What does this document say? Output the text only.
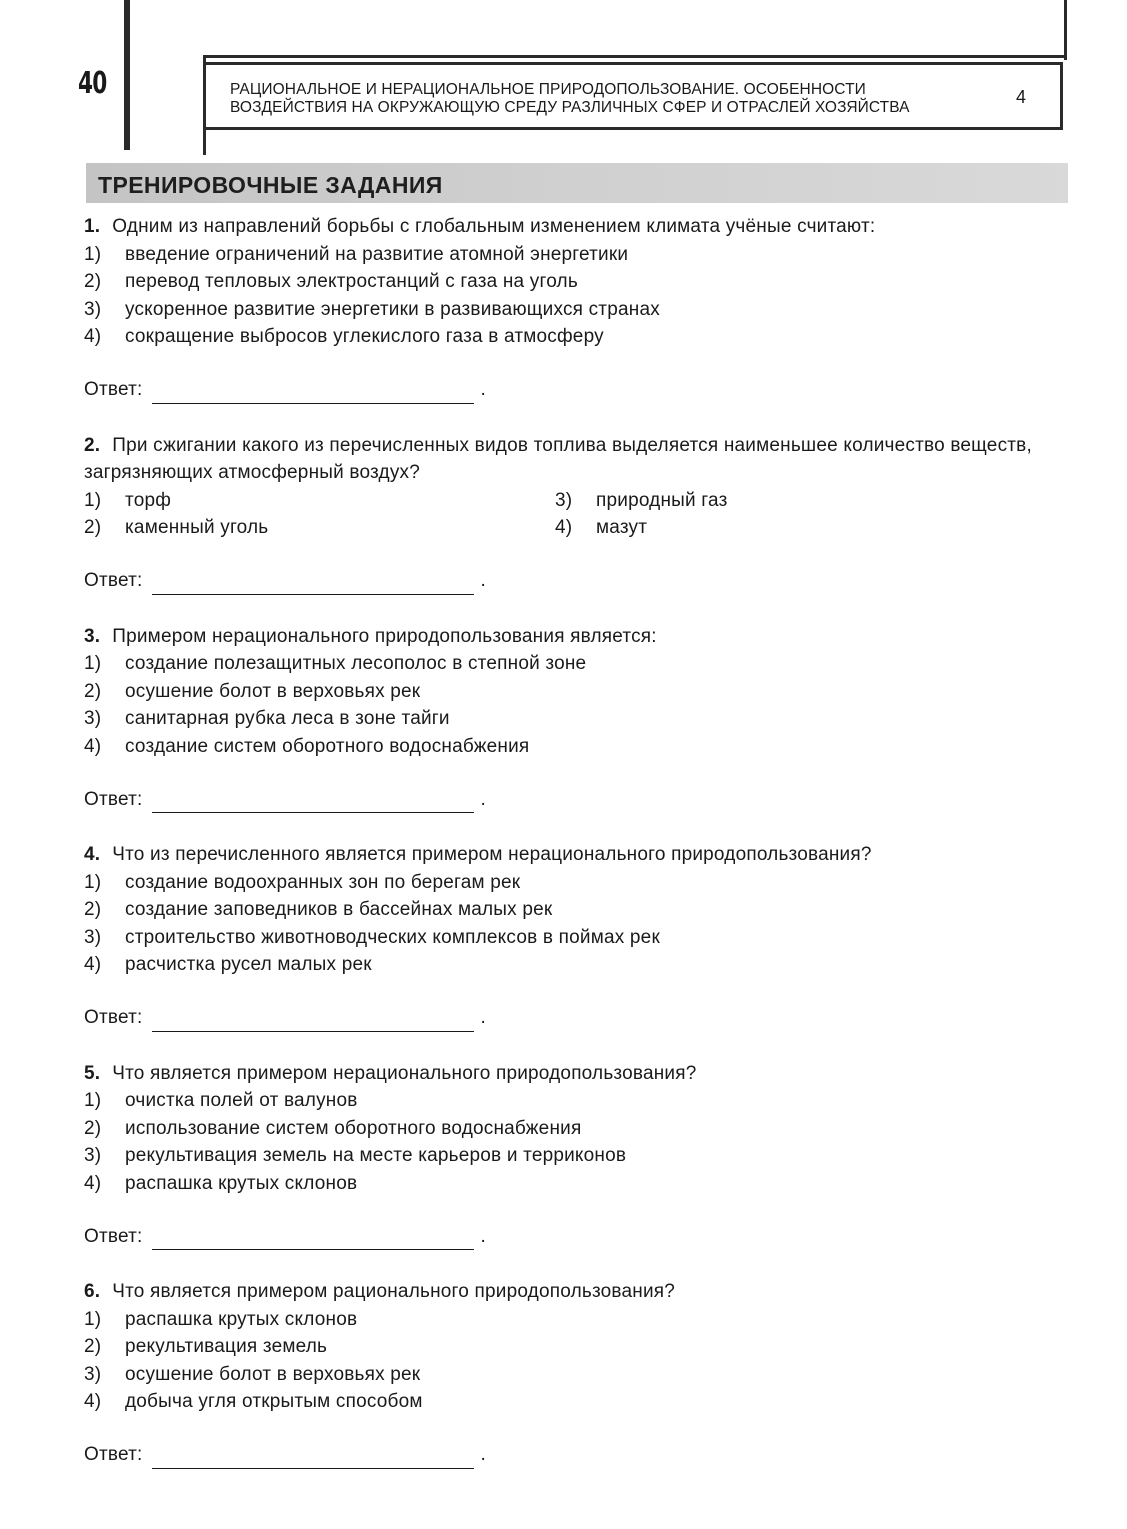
40	РАЦИОНАЛЬНОЕ И НЕРАЦИОНАЛЬНОЕ ПРИРОДОПОЛЬЗОВАНИЕ. ОСОБЕННОСТИ
ВОЗДЕЙСТВИЯ НА ОКРУЖАЮЩУЮ СРЕДУ РАЗЛИЧНЫХ СФЕР И ОТРАСЛЕЙ ХОЗЯЙСТВА
4
ТРЕНИРОВОЧНЫЕ ЗАДАНИЯ

1. Одним из направлений борьбы с глобальным изменением климата учёные считают:

1)	введение ограничений на развитие атомной энергетики
2)	перевод тепловых электростанций с газа на уголь
3)	ускоренное развитие энергетики в развивающихся странах
4)	сокращение выбросов углекислого газа в атмосферу
Ответ:	.

2. При сжигании какого из перечисленных видов топлива выделяется наименьшее количество веществ, загрязняющих атмосферный воздух?

1)	торф	3)	природный газ
2)	каменный уголь	4)	мазут
Ответ:	.

3. Примером нерационального природопользования является:

1)	создание полезащитных лесополос в степной зоне
2)	осушение болот в верховьях рек
3)	санитарная рубка леса в зоне тайги
4)	создание систем оборотного водоснабжения
Ответ:	.

4. Что из перечисленного является примером нерационального природопользования?

1)	создание водоохранных зон по берегам рек
2)	создание заповедников в бассейнах малых рек
3)	строительство животноводческих комплексов в поймах рек
4)	расчистка русел малых рек
Ответ:	.

5. Что является примером нерационального природопользования?

1)	очистка полей от валунов
2)	использование систем оборотного водоснабжения
3)	рекультивация земель на месте карьеров и терриконов
4)	распашка крутых склонов
Ответ:	.

6. Что является примером рационального природопользования?

1)	распашка крутых склонов
2)	рекультивация земель
3)	осушение болот в верховьях рек
4)	добыча угля открытым способом
Ответ:	.
